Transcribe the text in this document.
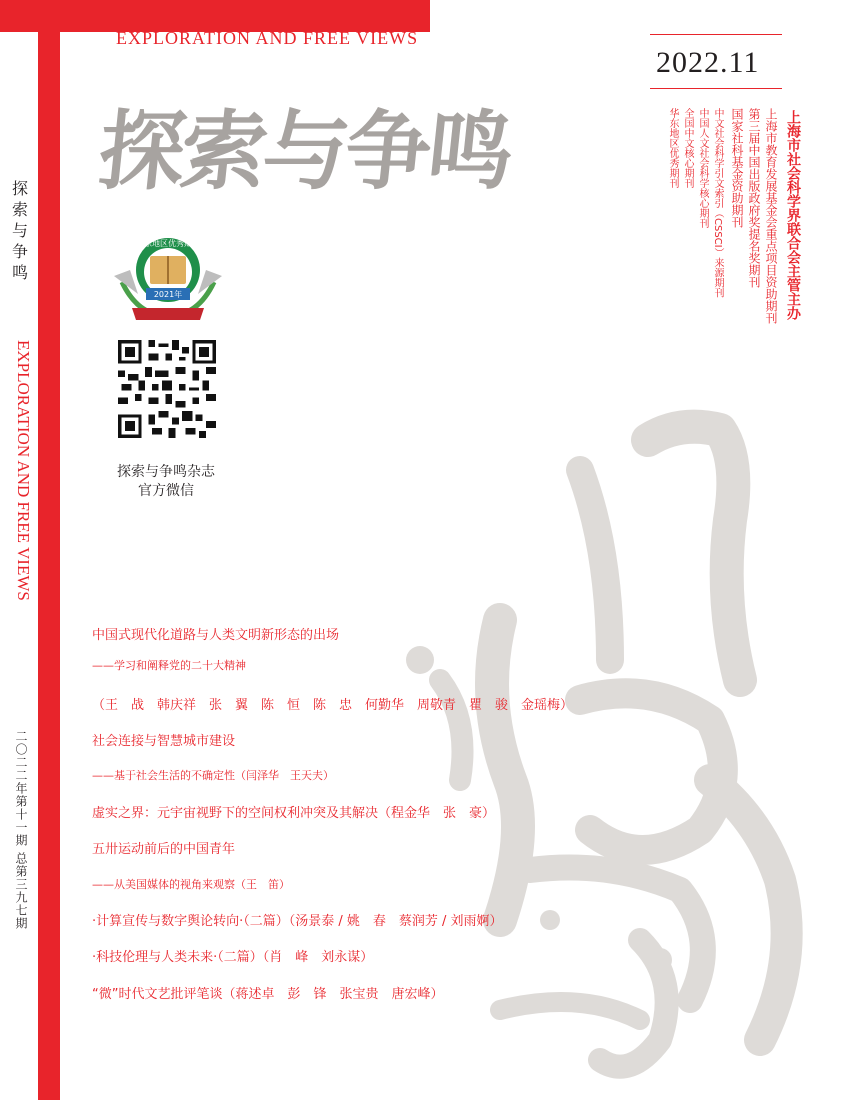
探索与争鸣
EXPLORATION AND FREE VIEWS
二〇二二年第十一期 总第三九七期
EXPLORATION AND FREE VIEWS
探索与争鸣
2022.11
上海市社会科学界联合会主管主办
上海市教育发展基金会重点项目资助期刊
第三届中国出版政府奖提名奖期刊
国家社科基金资助期刊
中文社会科学引文索引（CSSCI）来源期刊
中国人文社会科学核心期刊
全国中文核心期刊
华东地区优秀期刊
华东地区优秀期刊
2021年
探索与争鸣杂志
官方微信
中国式现代化道路与人类文明新形态的出场
——学习和阐释党的二十大精神
（王　战　韩庆祥　张　翼　陈　恒　陈　忠　何勤华　周敬青　瞿　骏　金瑶梅）
社会连接与智慧城市建设
——基于社会生活的不确定性（闫泽华　王天夫）
虚实之界：元宇宙视野下的空间权利冲突及其解决（程金华　张　豪）
五卅运动前后的中国青年
——从美国媒体的视角来观察（王　笛）
·计算宣传与数字舆论转向·（二篇）（汤景泰 / 姚　春　蔡润芳 / 刘雨婀）
·科技伦理与人类未来·（二篇）（肖　峰　刘永谋）
“微”时代文艺批评笔谈（蒋述卓　彭　锋　张宝贵　唐宏峰）
